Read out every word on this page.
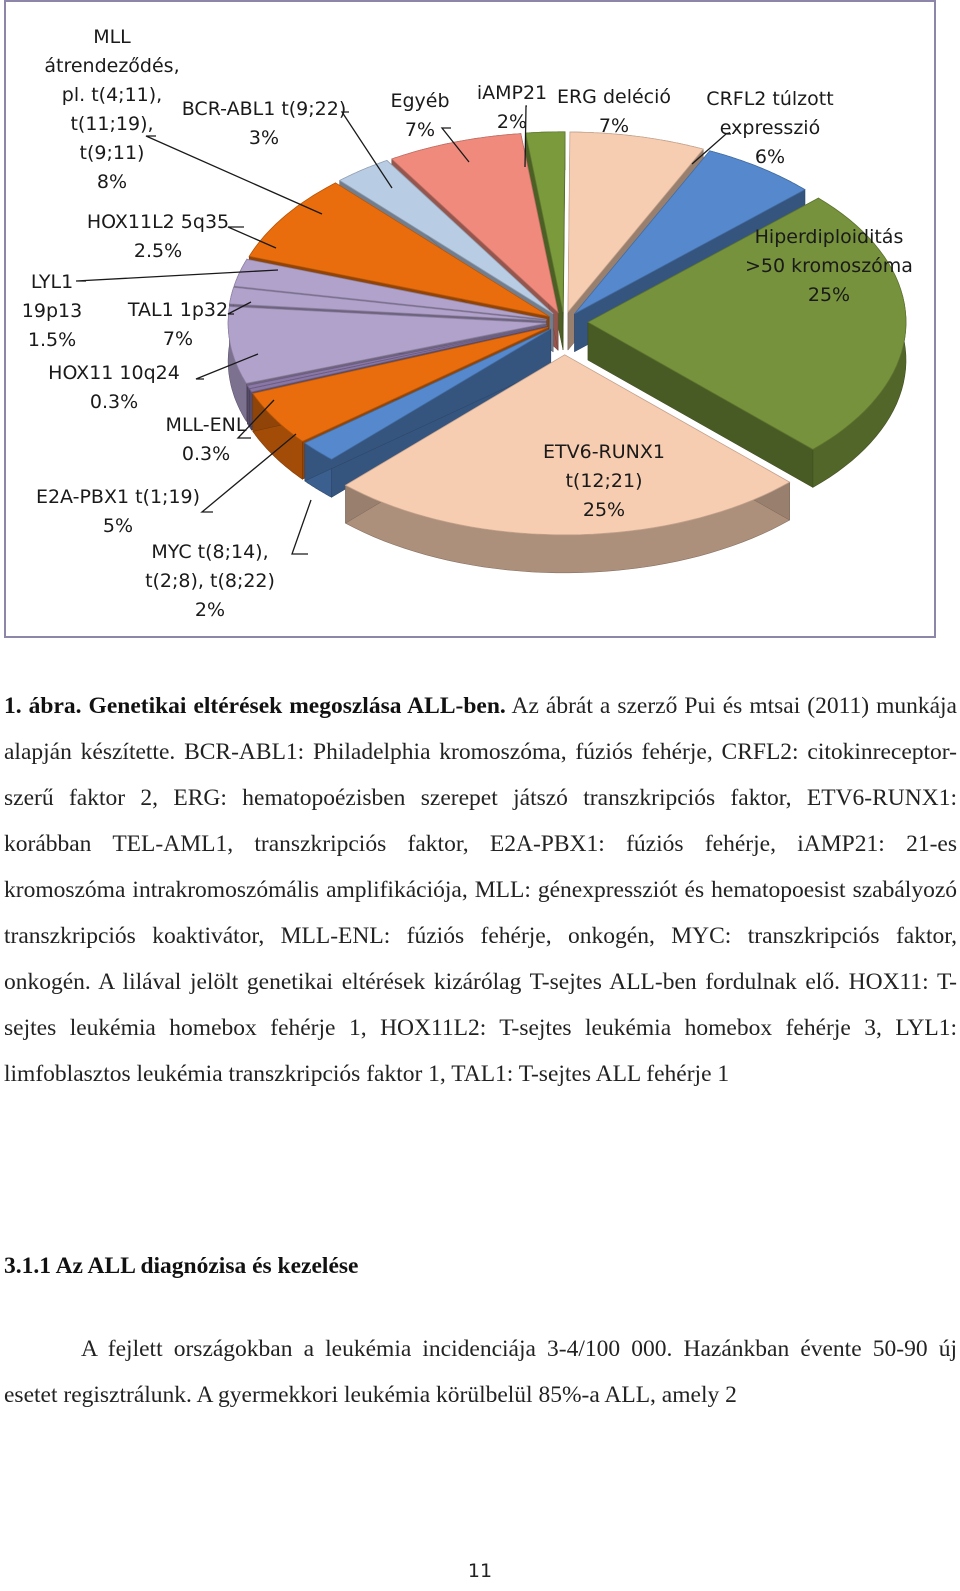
ETV6-RUNX1
t(12;21)
25%
MYC t(8;14),
t(2;8), t(8;22)
2%
E2A-PBX1 t(1;19)
5%
MLL-ENL
0.3%
HOX11 10q24
0.3%
TAL1 1p32
7%
LYL1
19p13
1.5%
HOX11L2 5q35
2.5%
MLL
átrendeződés,
pl. t(4;11),
t(11;19),
t(9;11)
8%
BCR-ABL1 t(9;22)
3%
Egyéb
7%
iAMP21
2%
ERG deléció
7%
CRFL2 túlzott
expresszió
6%
Hiperdiploiditás
>50 kromoszóma
25%
1. ábra. Genetikai eltérések megoszlása ALL-ben. Az ábrát a szerző Pui és mtsai (2011) munkája alapján készítette. BCR-ABL1: Philadelphia kromoszóma, fúziós fehérje, CRFL2: citokinreceptor-szerű faktor 2, ERG: hematopoézisben szerepet játszó transzkripciós faktor, ETV6-RUNX1: korábban TEL-AML1, transzkripciós faktor, E2A-PBX1: fúziós fehérje, iAMP21: 21-es kromoszóma intrakromoszómális amplifikációja, MLL: génexpressziót és hematopoesist szabályozó transzkripciós koaktivátor, MLL-ENL: fúziós fehérje, onkogén, MYC: transzkripciós faktor, onkogén. A lilával jelölt genetikai eltérések kizárólag T-sejtes ALL-ben fordulnak elő. HOX11: T-sejtes leukémia homebox fehérje 1, HOX11L2: T-sejtes leukémia homebox fehérje 3, LYL1: limfoblasztos leukémia transzkripciós faktor 1, TAL1: T-sejtes ALL fehérje 1
3.1.1 Az ALL diagnózisa és kezelése
A fejlett országokban a leukémia incidenciája 3-4/100 000. Hazánkban évente 50-90 új esetet regisztrálunk. A gyermekkori leukémia körülbelül 85%-a ALL, amely 2
11
